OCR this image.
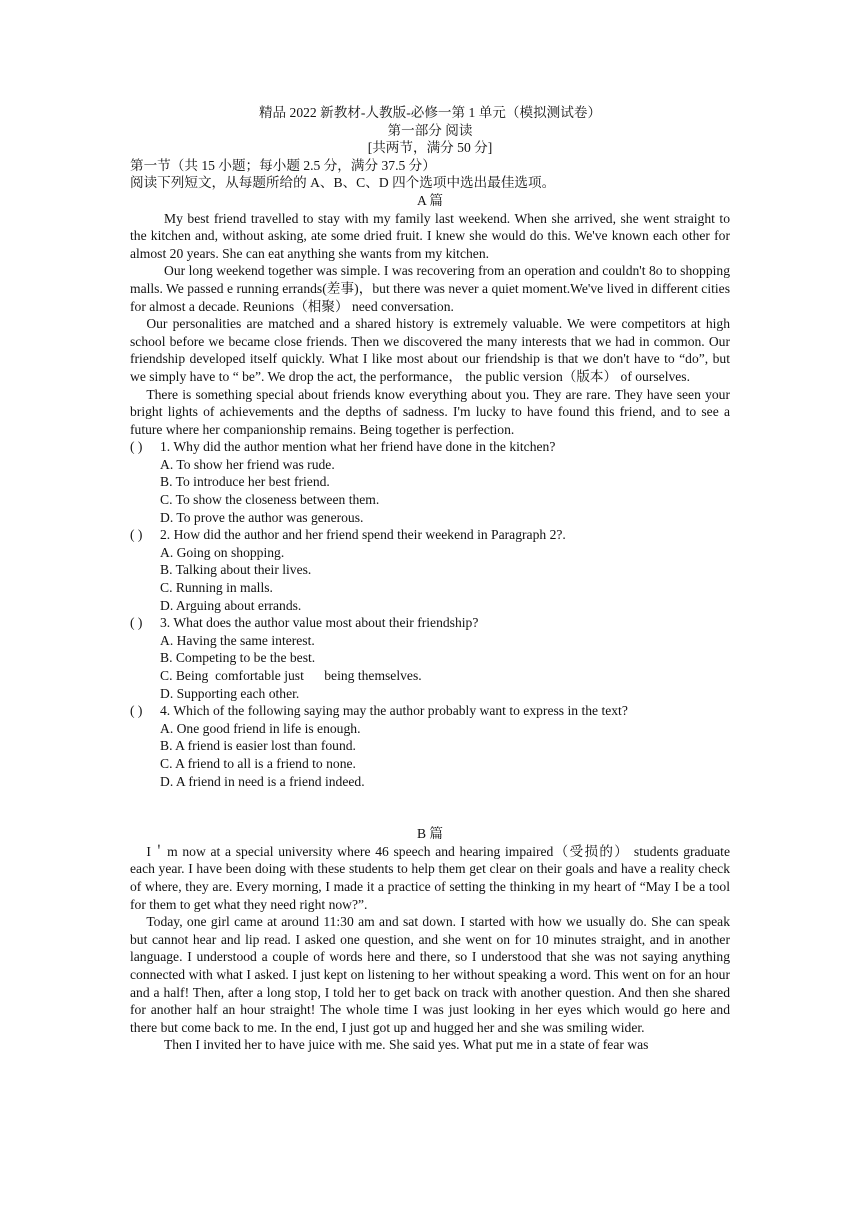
精品 2022 新教材-人教版-必修一第 1 单元（模拟测试卷）

第一部分 阅读

[共两节，满分 50 分]

第一节（共 15 小题；每小题 2.5 分，满分 37.5 分）

阅读下列短文，从每题所给的 A、B、C、D 四个选项中选出最佳选项。

A 篇

My best friend travelled to stay with my family last weekend. When she arrived, she went straight to the kitchen and, without asking, ate some dried fruit. I knew she would do this. We've known each other for almost 20 years. She can eat anything she wants from my kitchen.

Our long weekend together was simple. I was recovering from an operation and couldn't 8o to shopping malls. We passed e running errands(差事)，but there was never a quiet moment.We've lived in different cities for almost a decade. Reunions（相聚） need conversation.

Our personalities are matched and a shared history is extremely valuable. We were competitors at high school before we became close friends. Then we discovered the many interests that we had in common. Our friendship developed itself quickly. What I like most about our friendship is that we don't have to “do”, but we simply have to “ be”. We drop the act, the performance， the public version（版本） of ourselves.

There is something special about friends know everything about you. They are rare. They have seen your bright lights of achievements and the depths of sadness. I'm lucky to have found this friend, and to see a future where her companionship remains. Being together is perfection.

( ) 1. Why did the author mention what her friend have done in the kitchen?

A. To show her friend was rude.

B. To introduce her best friend.

C. To show the closeness between them.

D. To prove the author was generous.

( ) 2. How did the author and her friend spend their weekend in Paragraph 2?.

A. Going on shopping.

B. Talking about their lives.

C. Running in malls.

D. Arguing about errands.

( ) 3. What does the author value most about their friendship?

A. Having the same interest.

B. Competing to be the best.

C. Being  comfortable just      being themselves.

D. Supporting each other.

( ) 4. Which of the following saying may the author probably want to express in the text?

A. One good friend in life is enough.

B. A friend is easier lost than found.

C. A friend to all is a friend to none.

D. A friend in need is a friend indeed.

B 篇

I＇m now at a special university where 46 speech and hearing impaired（受损的） students graduate each year. I have been doing with these students to help them get clear on their goals and have a reality check of where, they are. Every morning, I made it a practice of setting the thinking in my heart of “May I be a tool for them to get what they need right now?”.

Today, one girl came at around 11:30 am and sat down. I started with how we usually do. She can speak but cannot hear and lip read. I asked one question, and she went on for 10 minutes straight, and in another language. I understood a couple of words here and there, so I understood that she was not saying anything connected with what I asked. I just kept on listening to her without speaking a word. This went on for an hour and a half! Then, after a long stop, I told her to get back on track with another question. And then she shared for another half an hour straight! The whole time I was just looking in her eyes which would go here and there but come back to me. In the end, I just got up and hugged her and she was smiling wider.

Then I invited her to have juice with me. She said yes. What put me in a state of fear was
